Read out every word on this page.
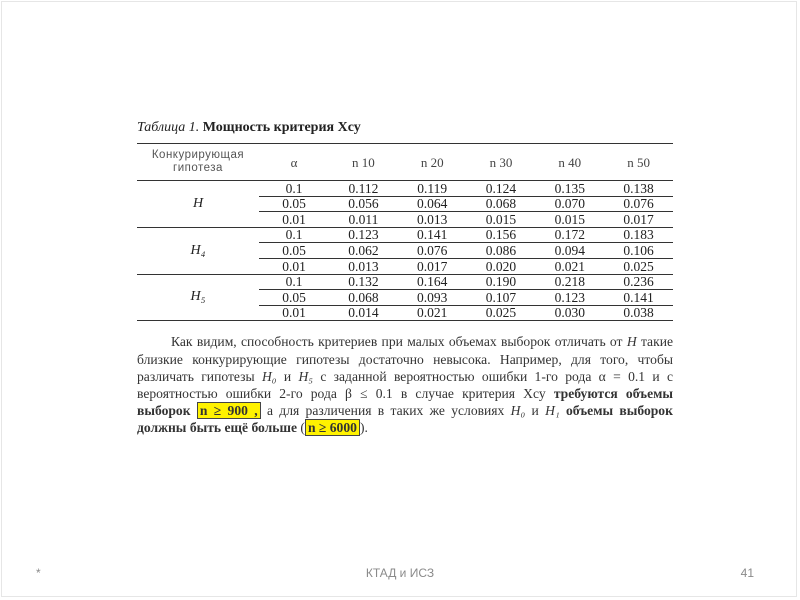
Таблица 1. Мощность критерия Хсу
Конкурирующая гипотеза	α	n 10	n 20	n 30	n 40	n 50
H	0.1	0.112	0.119	0.124	0.135	0.138
	0.05	0.056	0.064	0.068	0.070	0.076
	0.01	0.011	0.013	0.015	0.015	0.017
H₄	0.1	0.123	0.141	0.156	0.172	0.183
	0.05	0.062	0.076	0.086	0.094	0.106
	0.01	0.013	0.017	0.020	0.021	0.025
H₅	0.1	0.132	0.164	0.190	0.218	0.236
	0.05	0.068	0.093	0.107	0.123	0.141
	0.01	0.014	0.021	0.025	0.030	0.038

Как видим, способность критериев при малых объемах выборок отличать от H такие близкие конкурирующие гипотезы достаточно невысока. Например, для того, чтобы различать гипотезы H₀ и H₅ с заданной вероятностью ошибки 1-го рода α = 0.1 и с вероятностью ошибки 2-го рода β ≤ 0.1 в случае критерия Хсу требуются объемы выборок n ≥ 900 , а для различения в таких же условиях H₀ и H₁ объемы выборок должны быть ещё больше ( n ≥ 6000 ).

*	КТАД и ИСЗ	41
